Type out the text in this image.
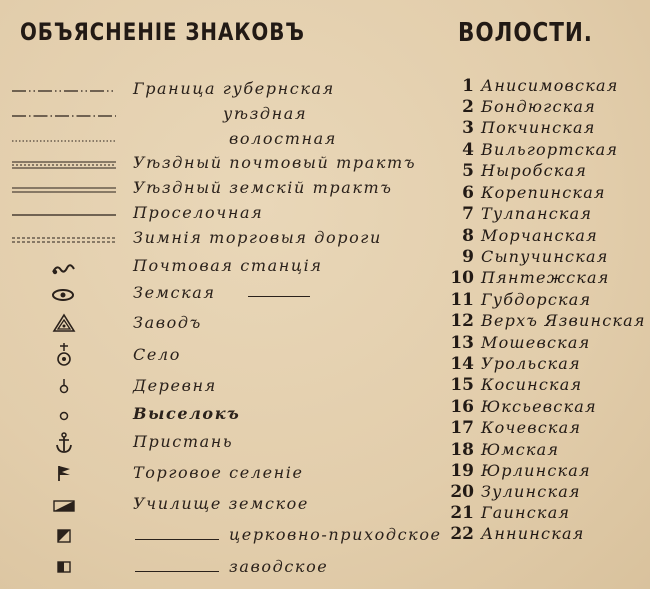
ОБЪЯСНЕНІЕ ЗНАКОВЪ	ВОЛОСТИ.
Граница губернская
уѣздная
волостная
Уѣздный почтовый трактъ
Уѣздный земскій трактъ
Проселочная
Зимнія торговыя дороги
Почтовая станція
Земская
Заводъ
Село
Деревня
Выселокъ
Пристань
Торговое селеніе
Училище земское
церковно-приходское
заводское
1 Анисимовская
2 Бондюгская
3 Покчинская
4 Вильгортская
5 Ныробская
6 Корепинская
7 Тулпанская
8 Морчанская
9 Сыпучинская
10 Пянтежская
11 Губдорская
12 Верхъ Язвинская
13 Мошевская
14 Урольская
15 Косинская
16 Юксьевская
17 Кочевская
18 Юмская
19 Юрлинская
20 Зулинская
21 Гаинская
22 Аннинская
